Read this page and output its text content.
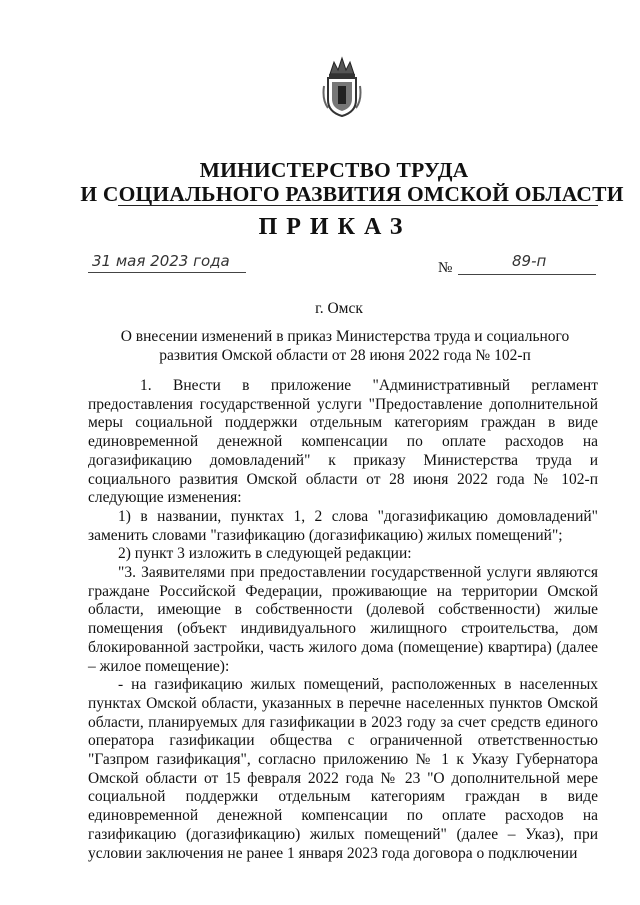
МИНИСТЕРСТВО ТРУДА
И СОЦИАЛЬНОГО РАЗВИТИЯ ОМСКОЙ ОБЛАСТИ
ПРИКАЗ
31 мая 2023 года	№	89-п
г. Омск
О внесении изменений в приказ Министерства труда и социального развития Омской области от 28 июня 2022 года № 102-п

1. Внести в приложение "Административный регламент предоставления государственной услуги "Предоставление дополнительной меры социальной поддержки отдельным категориям граждан в виде единовременной денежной компенсации по оплате расходов на догазификацию домовладений" к приказу Министерства труда и социального развития Омской области от 28 июня 2022 года № 102-п следующие изменения:

1) в названии, пунктах 1, 2 слова "догазификацию домовладений" заменить словами "газификацию (догазификацию) жилых помещений";

2) пункт 3 изложить в следующей редакции:

"3. Заявителями при предоставлении государственной услуги являются граждане Российской Федерации, проживающие на территории Омской области, имеющие в собственности (долевой собственности) жилые помещения (объект индивидуального жилищного строительства, дом блокированной застройки, часть жилого дома (помещение) квартира) (далее – жилое помещение):

- на газификацию жилых помещений, расположенных в населенных пунктах Омской области, указанных в перечне населенных пунктов Омской области, планируемых для газификации в 2023 году за счет средств единого оператора газификации общества с ограниченной ответственностью "Газпром газификация", согласно приложению № 1 к Указу Губернатора Омской области от 15 февраля 2022 года № 23 "О дополнительной мере социальной поддержки отдельным категориям граждан в виде единовременной денежной компенсации по оплате расходов на газификацию (догазификацию) жилых помещений" (далее – Указ), при условии заключения не ранее 1 января 2023 года договора о подключении
